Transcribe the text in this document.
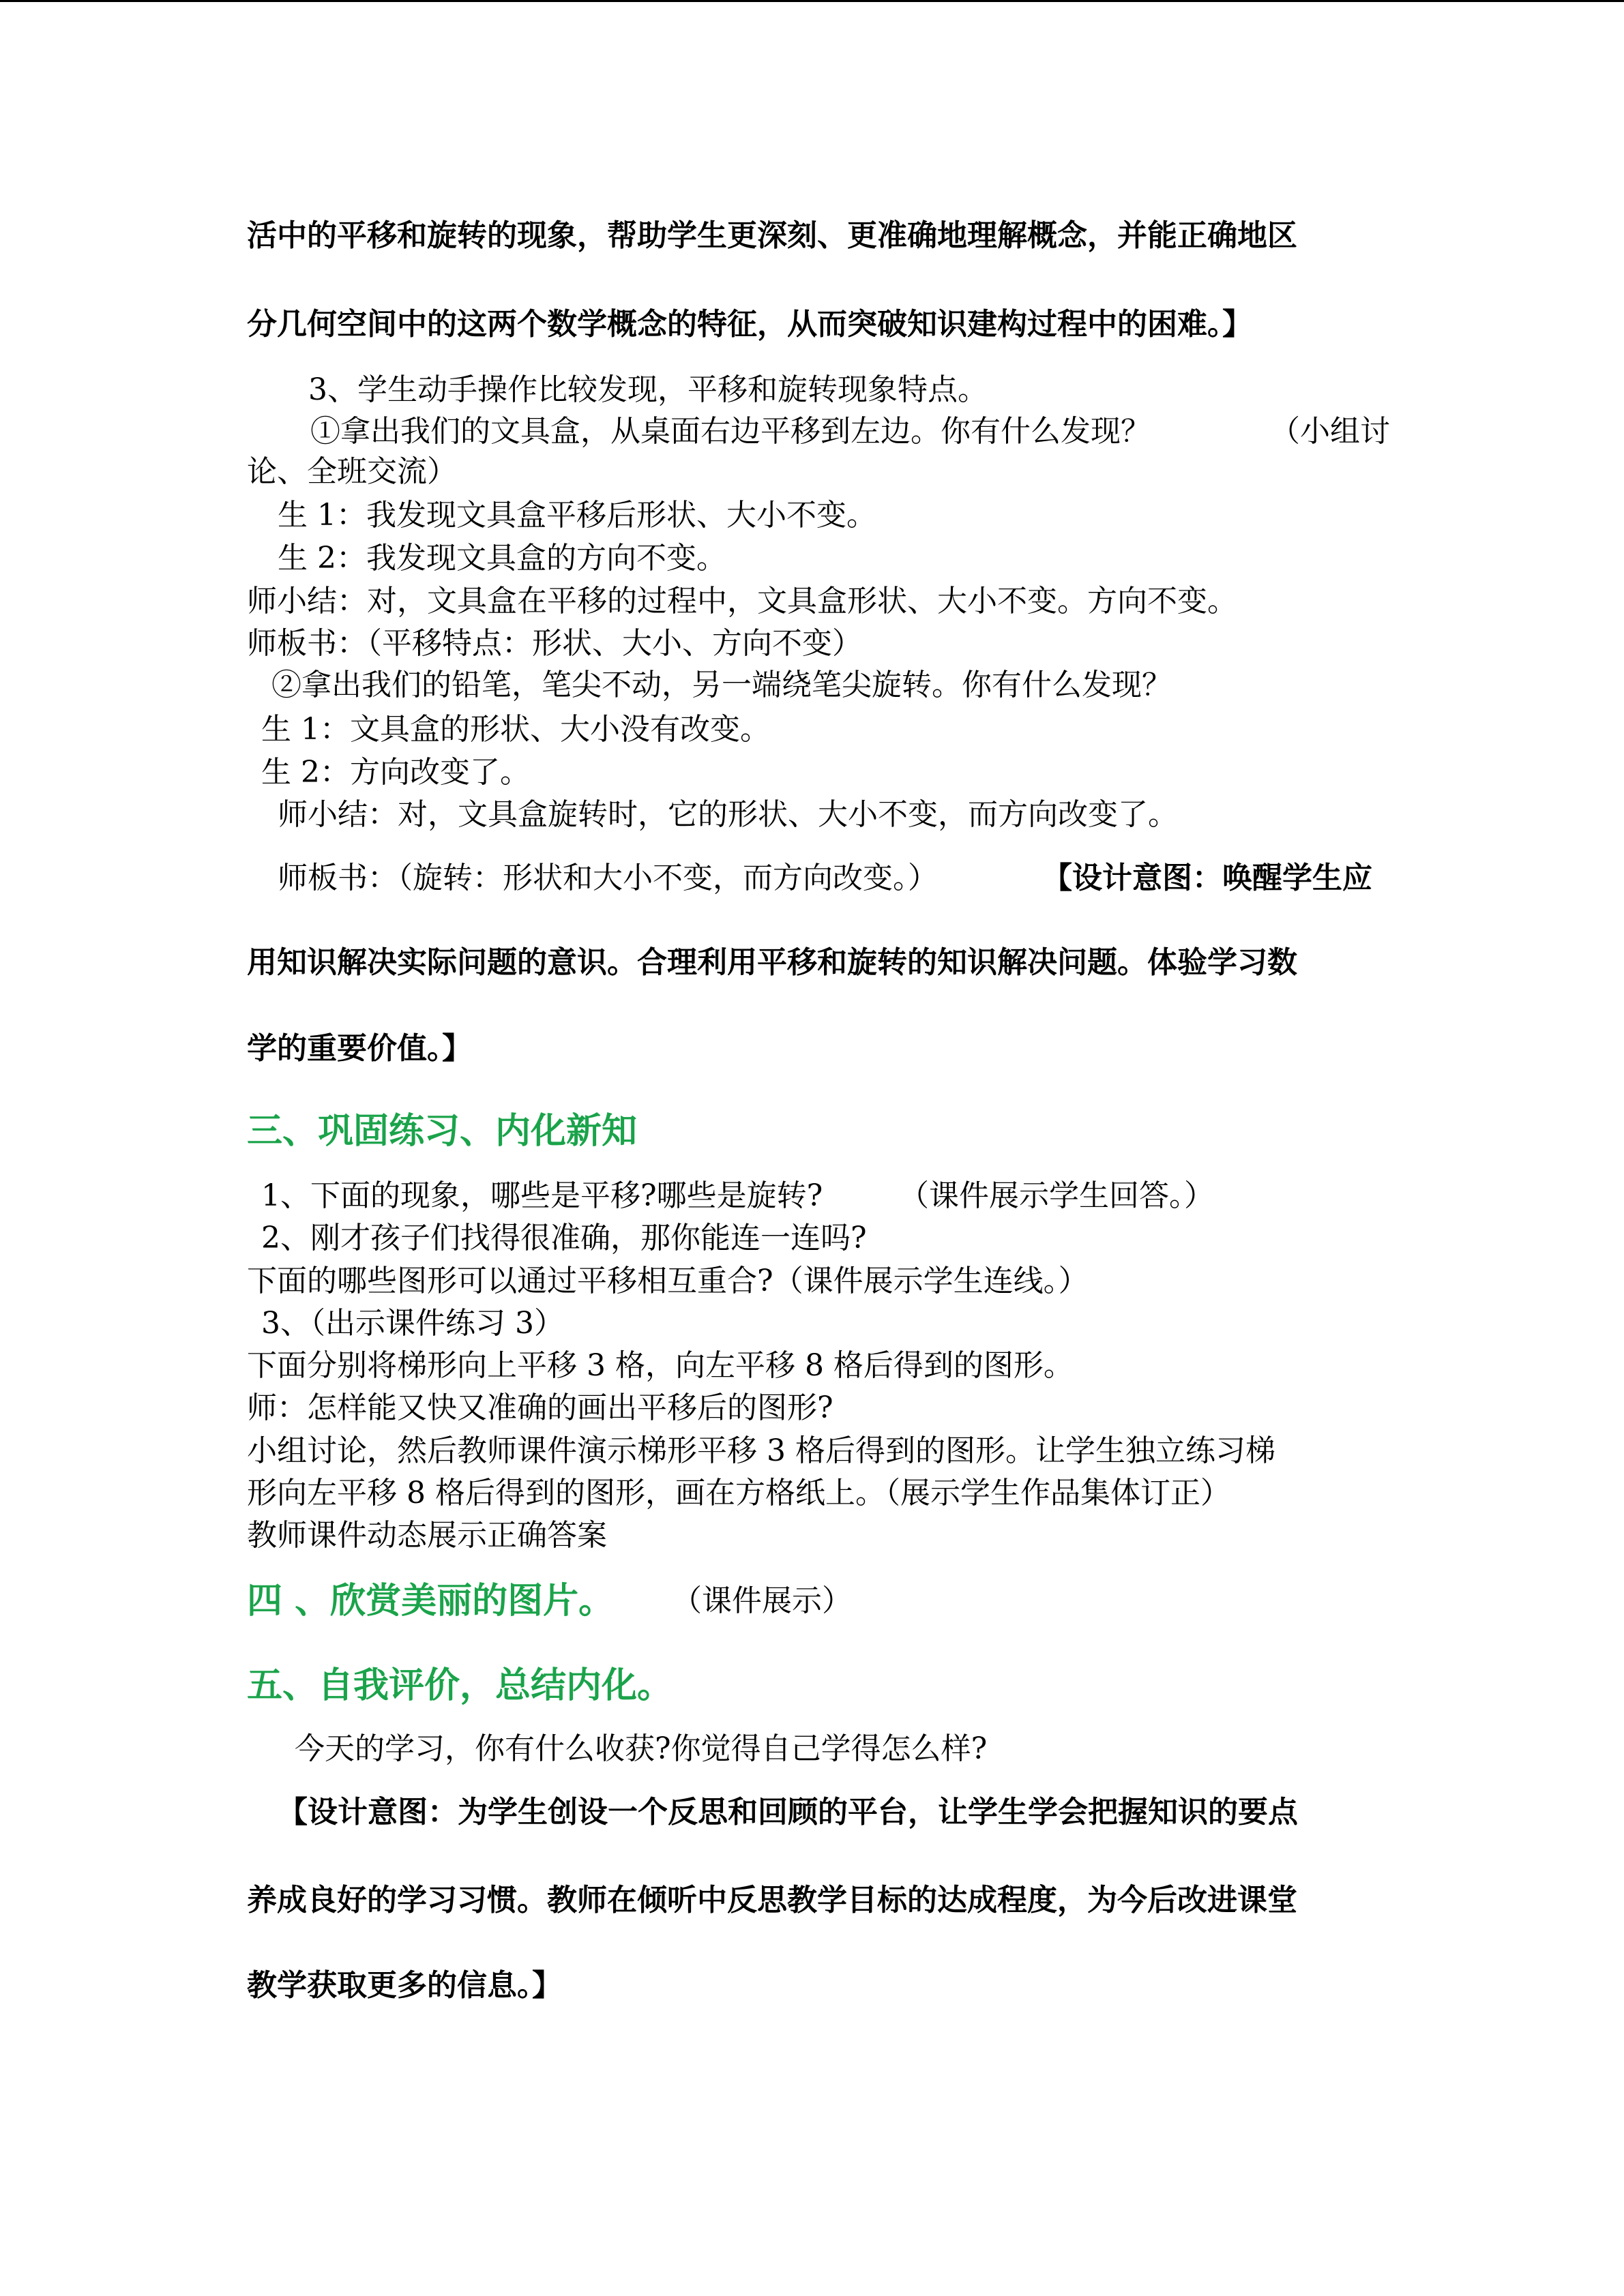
活中的平移和旋转的现象，帮助学生更深刻、更准确地理解概念，并能正确地区
分几何空间中的这两个数学概念的特征，从而突破知识建构过程中的困难。】
3、学生动手操作比较发现，平移和旋转现象特点。
①拿出我们的文具盒，从桌面右边平移到左边。你有什么发现？	（小组讨
论、全班交流）
生 1：我发现文具盒平移后形状、大小不变。
生 2：我发现文具盒的方向不变。
师小结：对，文具盒在平移的过程中，文具盒形状、大小不变。方向不变。
师板书：（平移特点：形状、大小、方向不变）
②拿出我们的铅笔，笔尖不动，另一端绕笔尖旋转。你有什么发现？
生 1：文具盒的形状、大小没有改变。
生 2：方向改变了。
师小结：对，文具盒旋转时，它的形状、大小不变，而方向改变了。
师板书：（旋转：形状和大小不变，而方向改变。）	【设计意图：唤醒学生应
用知识解决实际问题的意识。合理利用平移和旋转的知识解决问题。体验学习数
学的重要价值。】
三、巩固练习、内化新知
1、下面的现象，哪些是平移?哪些是旋转?	（课件展示学生回答。）
2、刚才孩子们找得很准确，那你能连一连吗?
下面的哪些图形可以通过平移相互重合?（课件展示学生连线。）
3、（出示课件练习 3）
下面分别将梯形向上平移 3 格，向左平移 8 格后得到的图形。
师：怎样能又快又准确的画出平移后的图形?
小组讨论，然后教师课件演示梯形平移 3 格后得到的图形。让学生独立练习梯
形向左平移 8 格后得到的图形，画在方格纸上。（展示学生作品集体订正）
教师课件动态展示正确答案
四 、欣赏美丽的图片。 （课件展示）
五、自我评价，总结内化。
今天的学习，你有什么收获?你觉得自己学得怎么样?
【设计意图：为学生创设一个反思和回顾的平台，让学生学会把握知识的要点
养成良好的学习习惯。教师在倾听中反思教学目标的达成程度，为今后改进课堂
教学获取更多的信息。】
